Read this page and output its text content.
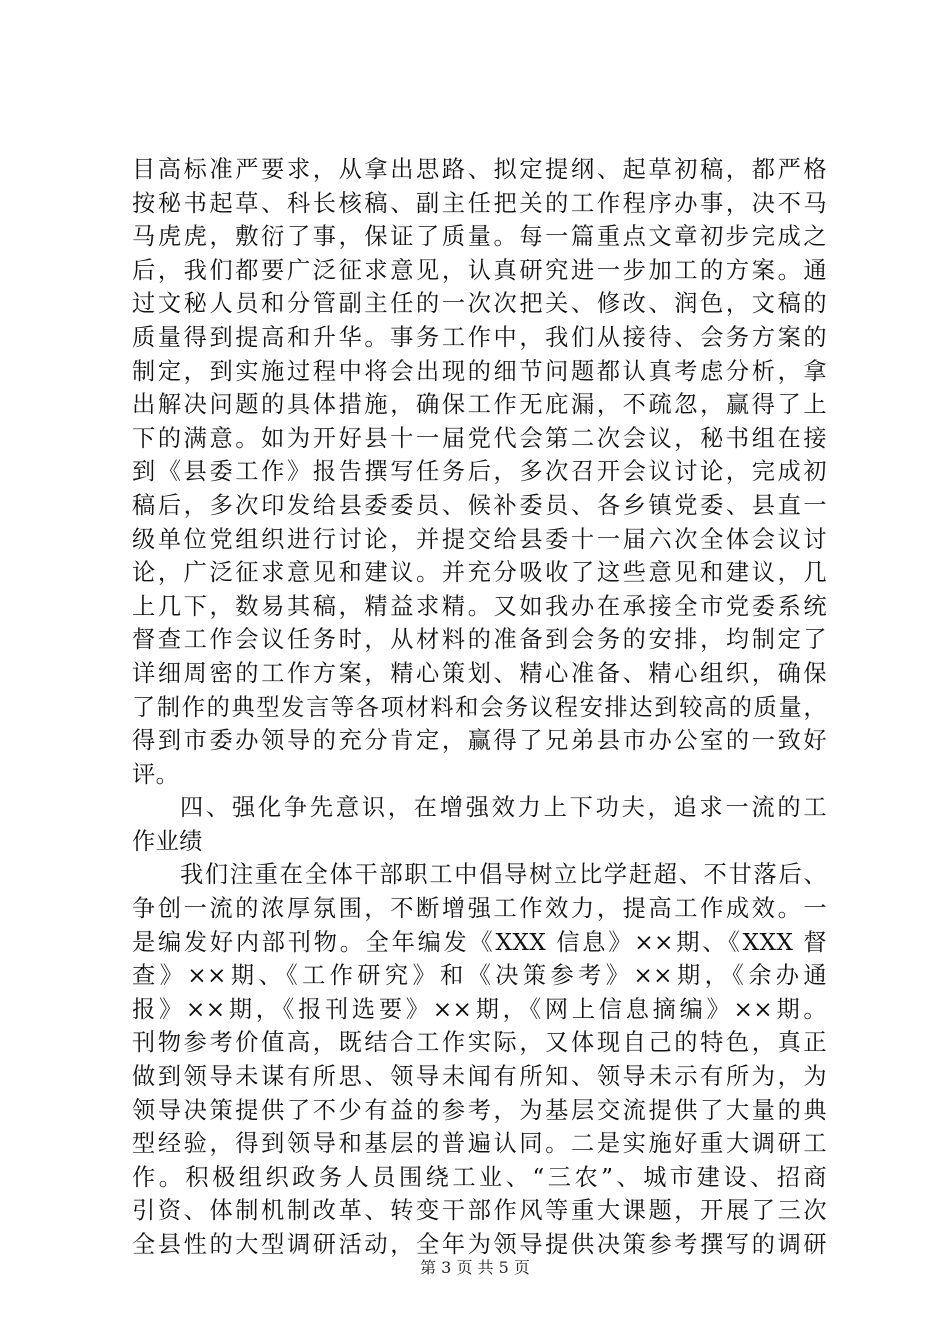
目高标准严要求，从拿出思路、拟定提纲、起草初稿，都严格
按秘书起草、科长核稿、副主任把关的工作程序办事，决不马
马虎虎，敷衍了事，保证了质量。每一篇重点文章初步完成之
后，我们都要广泛征求意见，认真研究进一步加工的方案。通
过文秘人员和分管副主任的一次次把关、修改、润色，文稿的
质量得到提高和升华。事务工作中，我们从接待、会务方案的
制定，到实施过程中将会出现的细节问题都认真考虑分析，拿
出解决问题的具体措施，确保工作无庇漏，不疏忽，赢得了上
下的满意。如为开好县十一届党代会第二次会议，秘书组在接
到《县委工作》报告撰写任务后，多次召开会议讨论，完成初
稿后，多次印发给县委委员、候补委员、各乡镇党委、县直一
级单位党组织进行讨论，并提交给县委十一届六次全体会议讨
论，广泛征求意见和建议。并充分吸收了这些意见和建议，几
上几下，数易其稿，精益求精。又如我办在承接全市党委系统
督查工作会议任务时，从材料的准备到会务的安排，均制定了
详细周密的工作方案，精心策划、精心准备、精心组织，确保
了制作的典型发言等各项材料和会务议程安排达到较高的质量，
得到市委办领导的充分肯定，赢得了兄弟县市办公室的一致好
评。
四、强化争先意识，在增强效力上下功夫，追求一流的工
作业绩
我们注重在全体干部职工中倡导树立比学赶超、不甘落后、
争创一流的浓厚氛围，不断增强工作效力，提高工作成效。一
是编发好内部刊物。全年编发《XXX 信息》××期、《XXX 督
查》××期、《工作研究》和《决策参考》××期，《余办通
报》××期，《报刊选要》××期，《网上信息摘编》××期。
刊物参考价值高，既结合工作实际，又体现自己的特色，真正
做到领导未谋有所思、领导未闻有所知、领导未示有所为，为
领导决策提供了不少有益的参考，为基层交流提供了大量的典
型经验，得到领导和基层的普遍认同。二是实施好重大调研工
作。积极组织政务人员围绕工业、“三农”、城市建设、招商
引资、体制机制改革、转变干部作风等重大课题，开展了三次
全县性的大型调研活动，全年为领导提供决策参考撰写的调研
第 3 页 共 5 页
